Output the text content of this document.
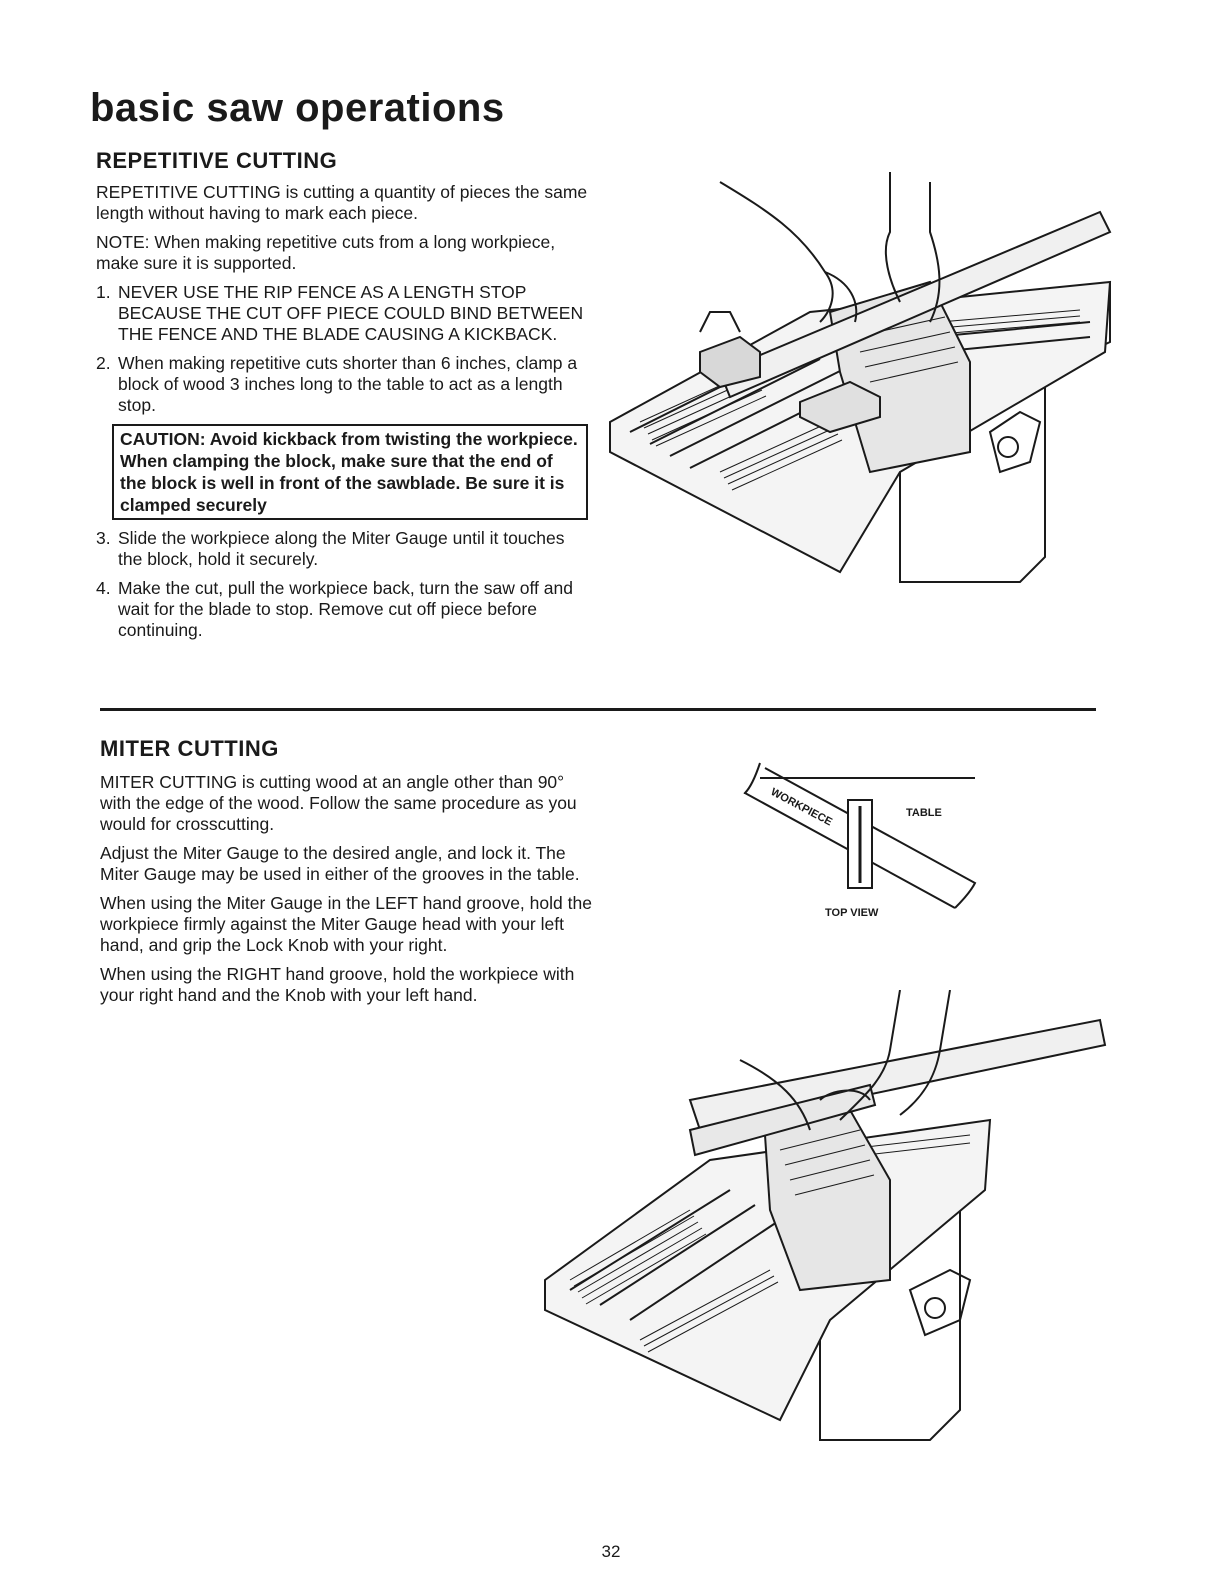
basic saw operations
REPETITIVE CUTTING

REPETITIVE CUTTING is cutting a quantity of pieces the same length without having to mark each piece.

NOTE: When making repetitive cuts from a long workpiece, make sure it is supported.

1. NEVER USE THE RIP FENCE AS A LENGTH STOP BECAUSE THE CUT OFF PIECE COULD BIND BETWEEN THE FENCE AND THE BLADE CAUSING A KICKBACK.
2. When making repetitive cuts shorter than 6 inches, clamp a block of wood 3 inches long to the table to act as a length stop.
CAUTION: Avoid kickback from twisting the workpiece. When clamping the block, make sure that the end of the block is well in front of the sawblade. Be sure it is clamped securely
3. Slide the workpiece along the Miter Gauge until it touches the block, hold it securely.
4. Make the cut, pull the workpiece back, turn the saw off and wait for the blade to stop. Remove cut off piece before continuing.
MITER CUTTING

MITER CUTTING is cutting wood at an angle other than 90° with the edge of the wood. Follow the same procedure as you would for crosscutting.

Adjust the Miter Gauge to the desired angle, and lock it. The Miter Gauge may be used in either of the grooves in the table.

When using the Miter Gauge in the LEFT hand groove, hold the workpiece firmly against the Miter Gauge head with your left hand, and grip the Lock Knob with your right.

When using the RIGHT hand groove, hold the workpiece with your right hand and the Knob with your left hand.

WORKPIECE	TABLE
TOP VIEW
32
